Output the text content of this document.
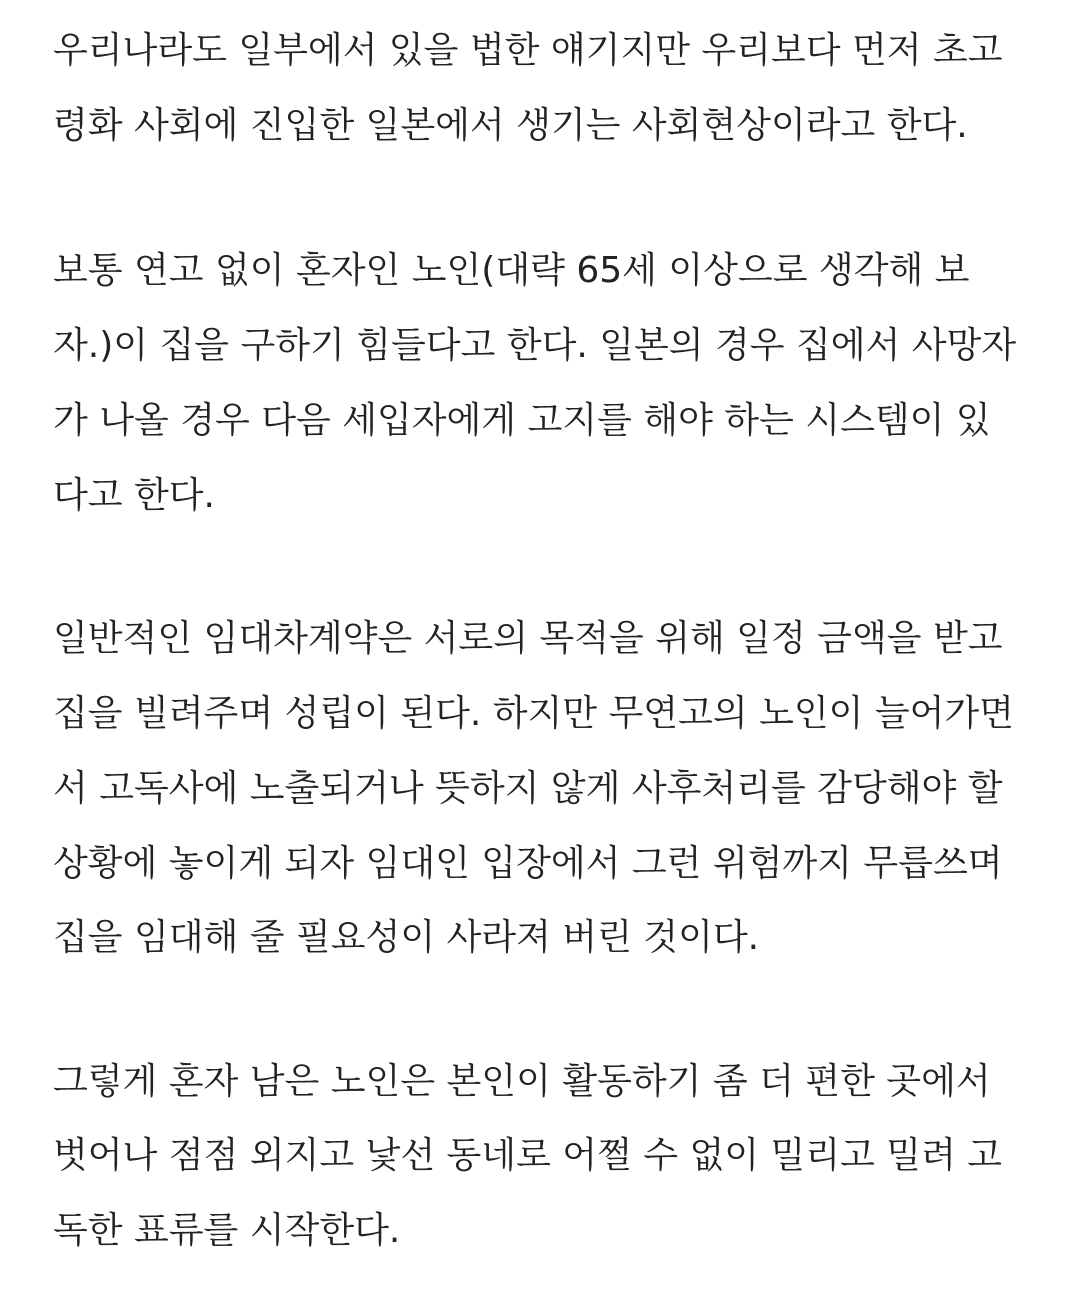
우리나라도 일부에서 있을 법한 얘기지만 우리보다 먼저 초고
령화 사회에 진입한 일본에서 생기는 사회현상이라고 한다.
보통 연고 없이 혼자인 노인(대략 65세 이상으로 생각해 보
자.)이 집을 구하기 힘들다고 한다. 일본의 경우 집에서 사망자
가 나올 경우 다음 세입자에게 고지를 해야 하는 시스템이 있
다고 한다.
일반적인 임대차계약은 서로의 목적을 위해 일정 금액을 받고
집을 빌려주며 성립이 된다. 하지만 무연고의 노인이 늘어가면
서 고독사에 노출되거나 뜻하지 않게 사후처리를 감당해야 할
상황에 놓이게 되자 임대인 입장에서 그런 위험까지 무릅쓰며
집을 임대해 줄 필요성이 사라져 버린 것이다.
그렇게 혼자 남은 노인은 본인이 활동하기 좀 더 편한 곳에서
벗어나 점점 외지고 낯선 동네로 어쩔 수 없이 밀리고 밀려 고
독한 표류를 시작한다.
